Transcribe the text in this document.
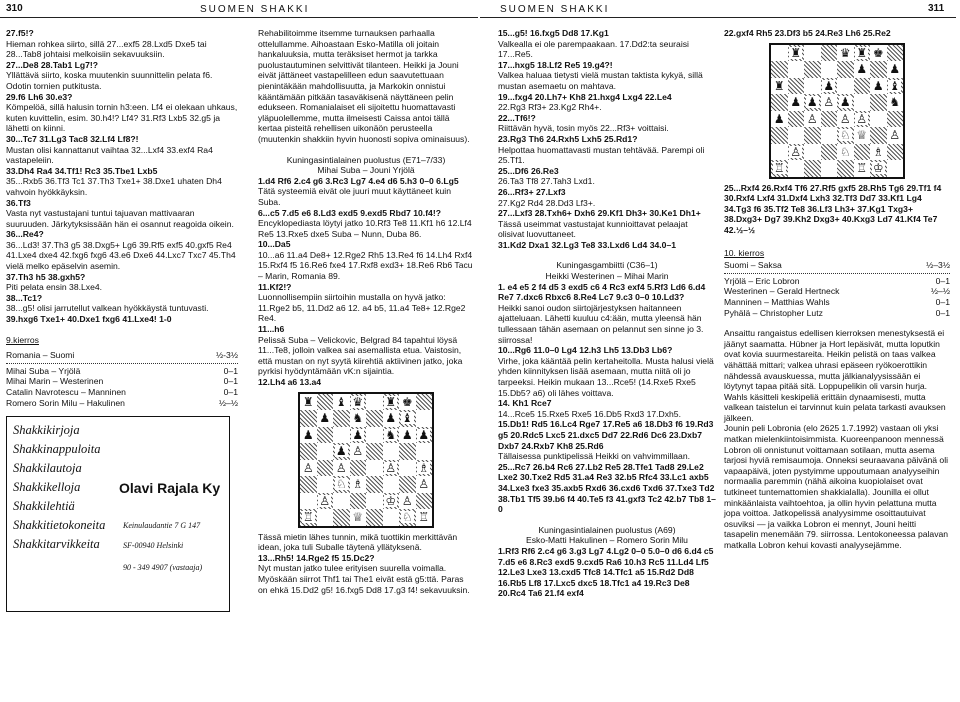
310	SUOMEN SHAKKI

27.f5!?

Hieman rohkea siirto, sillä 27...exf5 28.Lxd5 Dxe5 tai 28...Tab8 johtaisi melkoisiin sekavuuksiin.

27...De8 28.Tab1 Lg7!?

Yllättävä siirto, koska muutenkin suunnittelin pelata f6. Odotin tornien putkitusta.

29.f6 Lh6 30.e3?

Kömpelöä, sillä halusin tornin h3:een. Lf4 ei olekaan uhkaus, kuten kuvittelin, esim. 30.h4!? Lf4? 31.Rf3 Lxb5 32.g5 ja lähetti on kiinni.

30...Tc7 31.Lg3 Tac8 32.Lf4 Lf8?!

Mustan olisi kannattanut vaihtaa 32...Lxf4 33.exf4 Ra4 vastapeleiin.

33.Dh4 Ra4 34.Tf1! Rc3 35.Tbe1 Lxb5

35...Rxb5 36.Tf3 Tc1 37.Th3 Txe1+ 38.Dxe1 uhaten Dh4 vahvoin hyökkäyksin.

36.Tf3

Vasta nyt vastustajani tuntui tajuavan mattivaaran suuruuden. Järkytyksissään hän ei osannut reagoida oikein.

36...Re4?

36...Ld3! 37.Th3 g5 38.Dxg5+ Lg6 39.Rf5 exf5 40.gxf5 Re4 41.Lxe4 dxe4 42.fxg6 fxg6 43.e6 Dxe6 44.Lxc7 Txc7 45.Th4 vielä melko epäselvin asemin.

37.Th3 h5 38.gxh5?

Piti pelata ensin 38.Lxe4.

38...Tc1?

38...g5! olisi jarrutellut valkean hyökkäystä tuntuvasti.

39.hxg6 Txe1+ 40.Dxe1 fxg6 41.Lxe4! 1-0

9.kierros

Romania – Suomi	½-3½
Mihai Suba – Yrjölä	0–1
Mihai Marin – Westerinen	0–1
Catalin Navrotescu – Manninen	0–1
Romero Sorin Milu – Hakulinen	½–½
Shakkikirjoja
Shakkinappuloita
Shakkilautoja
Shakkikelloja
Shakkilehtiä
Shakkitietokoneita
Shakkitarvikkeita
Olavi Rajala Ky
Keinulaudantie 7 G 147
SF-00940 Helsinki
90 - 349 4907 (vastaaja)

Rehabilitoimme itsemme turnauksen parhaalla ottelullamme. Aihoastaan Esko-Matilla oli joitain hankaluuksia, mutta teräksiset hermot ja tarkka puolustautuminen selvittivät tilanteen. Heikki ja Jouni eivät jättäneet vastapelilleen edun saavutettuaan pienintäkään mahdollisuutta, ja Markokin onnistui kääntämään pitkään tasaväkisenä näyttäneen pelin edukseen. Romanialaiset eli sijoitettu huomattavasti yläpuolellemme, mutta ilmeisesti Caissa antoi tällä kertaa pisteitä rehellisen uikonäön perusteella (muutenkin shakkiin hyvin huonosti sopiva ominaisuus).

Kuningasintialainen puolustus (E71–7/33)

Mihai Suba – Jouni Yrjölä

1.d4 Rf6 2.c4 g6 3.Rc3 Lg7 4.e4 d6 5.h3 0–0 6.Lg5

Tätä systeemiä eivät ole juuri muut käyttäneet kuin Suba.

6...c5 7.d5 e6 8.Ld3 exd5 9.exd5 Rbd7 10.f4!?

Encyklopediasta löytyi jatko 10.Rf3 Te8 11.Kf1 h6 12.Lf4 Re5 13.Rxe5 dxe5 Suba – Nunn, Duba 86.

10...Da5

10...a6 11.a4 De8+ 12.Rge2 Rh5 13.Re4 f6 14.Lh4 Rxf4 15.Rxf4 f5 16.Re6 fxe4 17.Rxf8 exd3+ 18.Re6 Rb6 Tacu – Marin, Romania 89.

11.Kf2!?

Luonnollisempiin siirtoihin mustalla on hyvä jatko: 11.Rge2 b5, 11.Dd2 a6 12. a4 b5, 11.a4 Te8+ 12.Rge2 Re4.

11...h6

Pelissä Suba – Velickovic, Belgrad 84 tapahtui löysä 11...Te8, jolloin valkea sai asemallista etua. Vaistosin, että mustan on nyt syytä kiirehtiä aktiivinen jatko, joka pyrkisi hyödyntämään vK:n sijaintia.

12.Lh4 a6 13.a4

♜ ♝ ♛ ♜ ♚
♟ ♞ ♟ ♝
♟	♟ ♞ ♟ ♟
♟ ♙
♙ ♙	♙ ♗
♘ ♗	♙
♙	♔ ♙
♖	♕	♘ ♖

Tässä mietin lähes tunnin, mikä tuottikin merkittävän idean, joka tuli Suballe täytenä yllätyksenä.

13...Rh5! 14.Rge2 f5 15.Dc2?

Nyt mustan jatko tulee erityisen suurella voimalla. Myöskään siirrot Thf1 tai The1 eivät estä g5:ttä. Paras on ehkä 15.Dd2 g5! 16.fxg5 Dd8 17.g3 f4! sekavuuksin.

SUOMEN SHAKKI	311

15...g5! 16.fxg5 Dd8 17.Kg1

Valkealla ei ole parempaakaan. 17.Dd2:ta seuraisi 17...Re5.

17...hxg5 18.Lf2 Re5 19.g4?!

Valkea haluaa tietysti vielä mustan taktista kykyä, sillä mustan asemaetu on mahtava.

19...fxg4 20.Lh7+ Kh8 21.hxg4 Lxg4 22.Le4

22.Rg3 Rf3+ 23.Kg2 Rh4+.

22...Tf6!?

Riittävän hyvä, tosin myös 22...Rf3+ voittaisi.

23.Rg3 Th6 24.Rxh5 Lxh5 25.Rd1?

Helpottaa huomattavasti mustan tehtävää. Parempi oli 25.Tf1.

25...Df6 26.Re3

26.Ta3 Tf8 27.Tah3 Lxd1.

26...Rf3+ 27.Lxf3

27.Kg2 Rd4 28.Dd3 Lf3+.

27...Lxf3 28.Txh6+ Dxh6 29.Kf1 Dh3+ 30.Ke1 Dh1+

Tässä useimmat vastustajat kunnioittavat pelaajat olisivat luovuttaneet.

31.Kd2 Dxa1 32.Lg3 Te8 33.Lxd6 Ld4 34.0–1

Kuningasgambiitti (C36–1)

Heikki Westerinen – Mihai Marin

1. e4 e5 2 f4 d5 3 exd5 c6 4 Rc3 exf4 5.Rf3 Ld6 6.d4 Re7 7.dxc6 Rbxc6 8.Re4 Lc7 9.c3 0–0 10.Ld3?

Heikki sanoi oudon siirtojärjestyksen haitanneen ajatteluaan. Lähetti kuuluu c4:ään, mutta yleensä hän tullessaan tähän asemaan on pelannut sen sinne jo 3. siirrossa!

10...Rg6 11.0–0 Lg4 12.h3 Lh5 13.Db3 Lb6?

Virhe, joka kääntää pelin kertaheitolla. Musta halusi vielä yhden kiinnityksen lisää asemaan, mutta niitä oli jo tarpeeksi. Heikin mukaan 13...Rce5! (14.Rxe5 Rxe5 15.Db5? a6) oli lähes voittava.

14. Kh1 Rce7

14...Rce5 15.Rxe5 Rxe5 16.Db5 Rxd3 17.Dxh5.

15.Db1! Rd5 16.Lc4 Rge7 17.Re5 a6 18.Db3 f6 19.Rd3 g5 20.Rdc5 Lxc5 21.dxc5 Dd7 22.Rd6 Dc6 23.Dxb7 Dxb7 24.Rxb7 Kh8 25.Rd6

Tällaisessa punktipelissä Heikki on vahvimmillaan.

25...Rc7 26.b4 Rc6 27.Lb2 Re5 28.Tfe1 Tad8 29.Le2 Lxe2 30.Txe2 Rd5 31.a4 Re3 32.b5 Rfc4 33.Lc1 axb5 34.Lxe3 fxe3 35.axb5 Rxd6 36.cxd6 Txd6 37.Txe3 Td2 38.Tb1 Tf5 39.b6 f4 40.Te5 f3 41.gxf3 Tc2 42.b7 Tb8 1–0

Kuningasintialainen puolustus (A69)

Esko-Matti Hakulinen – Romero Sorin Milu

1.Rf3 Rf6 2.c4 g6 3.g3 Lg7 4.Lg2 0–0 5.0–0 d6 6.d4 c5 7.d5 e6 8.Rc3 exd5 9.cxd5 Ra6 10.h3 Rc5 11.Ld4 Lf5 12.Le3 Lxe3 13.cxd5 Tfc8 14.Tfc1 a5 15.Rd2 Dd8 16.Rb5 Lf8 17.Lxc5 dxc5 18.Tfc1 a4 19.Rc3 De8 20.Rc4 Ta6 21.f4 exf4

22.gxf4 Rh5 23.Df3 b5 24.Re3 Lh6 25.Re2

♜	♛ ♜ ♚
♟ ♟
♜	♟	♟ ♝
♟ ♟ ♙ ♟	♞
♟ ♙ ♙ ♙
♘ ♕ ♙
♙	♘ ♗
♖	♖ ♔

25...Rxf4 26.Rxf4 Tf6 27.Rf5 gxf5 28.Rh5 Tg6 29.Tf1 f4 30.Rxf4 Lxf4 31.Dxf4 Lxh3 32.Tf3 Dd7 33.Kf1 Lg4 34.Tg3 f6 35.Tf2 Te8 36.Lf3 Lh3+ 37.Kg1 Txg3+ 38.Dxg3+ Dg7 39.Kh2 Dxg3+ 40.Kxg3 Ld7 41.Kf4 Te7 42.½–½

10. kierros

Suomi – Saksa	½–3½
Yrjölä – Eric Lobron	0–1
Westerinen – Gerald Hertneck	½–½
Manninen – Matthias Wahls	0–1
Pyhälä – Christopher Lutz	0–1

Ansaittu rangaistus edellisen kierroksen menestyksestä ei jäänyt saamatta. Hübner ja Hort lepäsivät, mutta loputkin ovat kovia suurmestareita. Heikin pelistä on taas valkea vähättää mittari; valkea uhrasi epäseen ryökoerottikin nähdessä avauskuessa, mutta jälkianalyysissään ei löytynyt tapaa pitää sitä. Loppupelikin oli varsin hurja.

Wahls käsitteli keskipeliä erittäin dynaamisesti, mutta valkean taistelun ei tarvinnut kuin pelata tarkasti avauksen jälkeen.

Jounin peli Lobronia (elo 2625 1.7.1992) vastaan oli yksi matkan mielenkiintoisimmista. Kuoreenpanoon mennessä Lobron oli onnistunut voittamaan sotilaan, mutta asema tarjosi hyviä remisaumoja. Onneksi seuraavana päivänä oli vapaapäivä, joten pystyimme uppoutumaan analyyseihin normaalia paremmin (nähä aikoina kuopiolaiset ovat tutkineet tuntemattomien shakkialalla). Jounilla ei ollut minkäänlaista vaihtoehtoa, ja ollin hyvin pelattuna mutta jopa voittoa. Jatkopelissä analyysimme osoittautuivat osuviksi — ja vaikka Lobron ei mennyt, Jouni heitti tasapelin menemään 79. siirrossa. Lentokoneessa palavan matkalla Lobron kehui kovasti analyysejämme.
